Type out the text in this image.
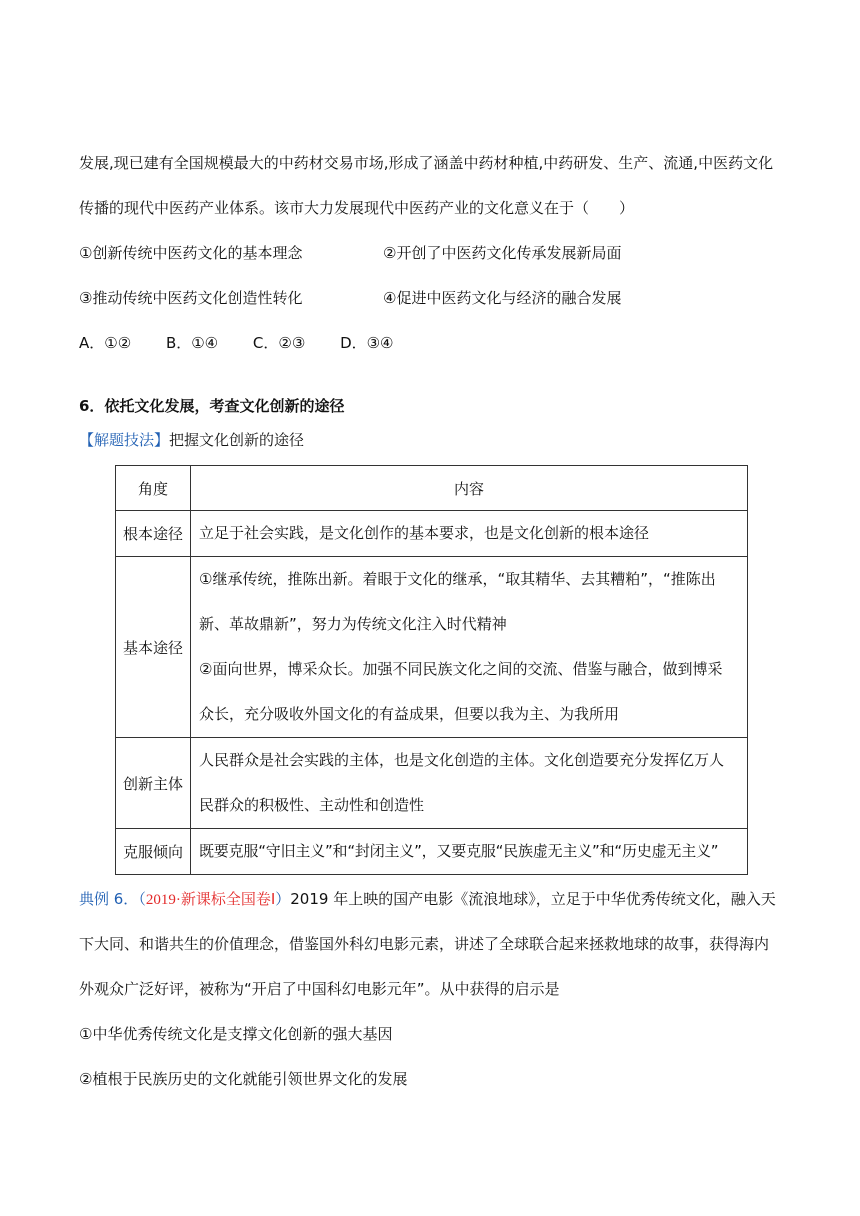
发展,现已建有全国规模最大的中药材交易市场,形成了涵盖中药材种植,中药研发、生产、流通,中医药文化
传播的现代中医药产业体系。该市大力发展现代中医药产业的文化意义在于（　　）
①创新传统中医药文化的基本理念	②开创了中医药文化传承发展新局面
③推动传统中医药文化创造性转化	④促进中医药文化与经济的融合发展
A．①② B．①④ C．②③ D．③④
6．依托文化发展，考查文化创新的途径
【解题技法】把握文化创新的途径
角度	内容
根本途径	立足于社会实践，是文化创作的基本要求，也是文化创新的根本途径

基本途径	①继承传统，推陈出新。着眼于文化的继承，“取其精华、去其糟粕”，“推陈出
新、革故鼎新”，努力为传统文化注入时代精神
②面向世界，博采众长。加强不同民族文化之间的交流、借鉴与融合，做到博采
众长，充分吸收外国文化的有益成果，但要以我为主、为我所用

创新主体	人民群众是社会实践的主体，也是文化创造的主体。文化创造要充分发挥亿万人
民群众的积极性、主动性和创造性

克服倾向	既要克服“守旧主义”和“封闭主义”，又要克服“民族虚无主义”和“历史虚无主义”
典例 6．（2019·新课标全国卷Ⅰ）2019 年上映的国产电影《流浪地球》，立足于中华优秀传统文化，融入天
下大同、和谐共生的价值理念，借鉴国外科幻电影元素，讲述了全球联合起来拯救地球的故事，获得海内
外观众广泛好评，被称为“开启了中国科幻电影元年”。从中获得的启示是
①中华优秀传统文化是支撑文化创新的强大基因
②植根于民族历史的文化就能引领世界文化的发展
